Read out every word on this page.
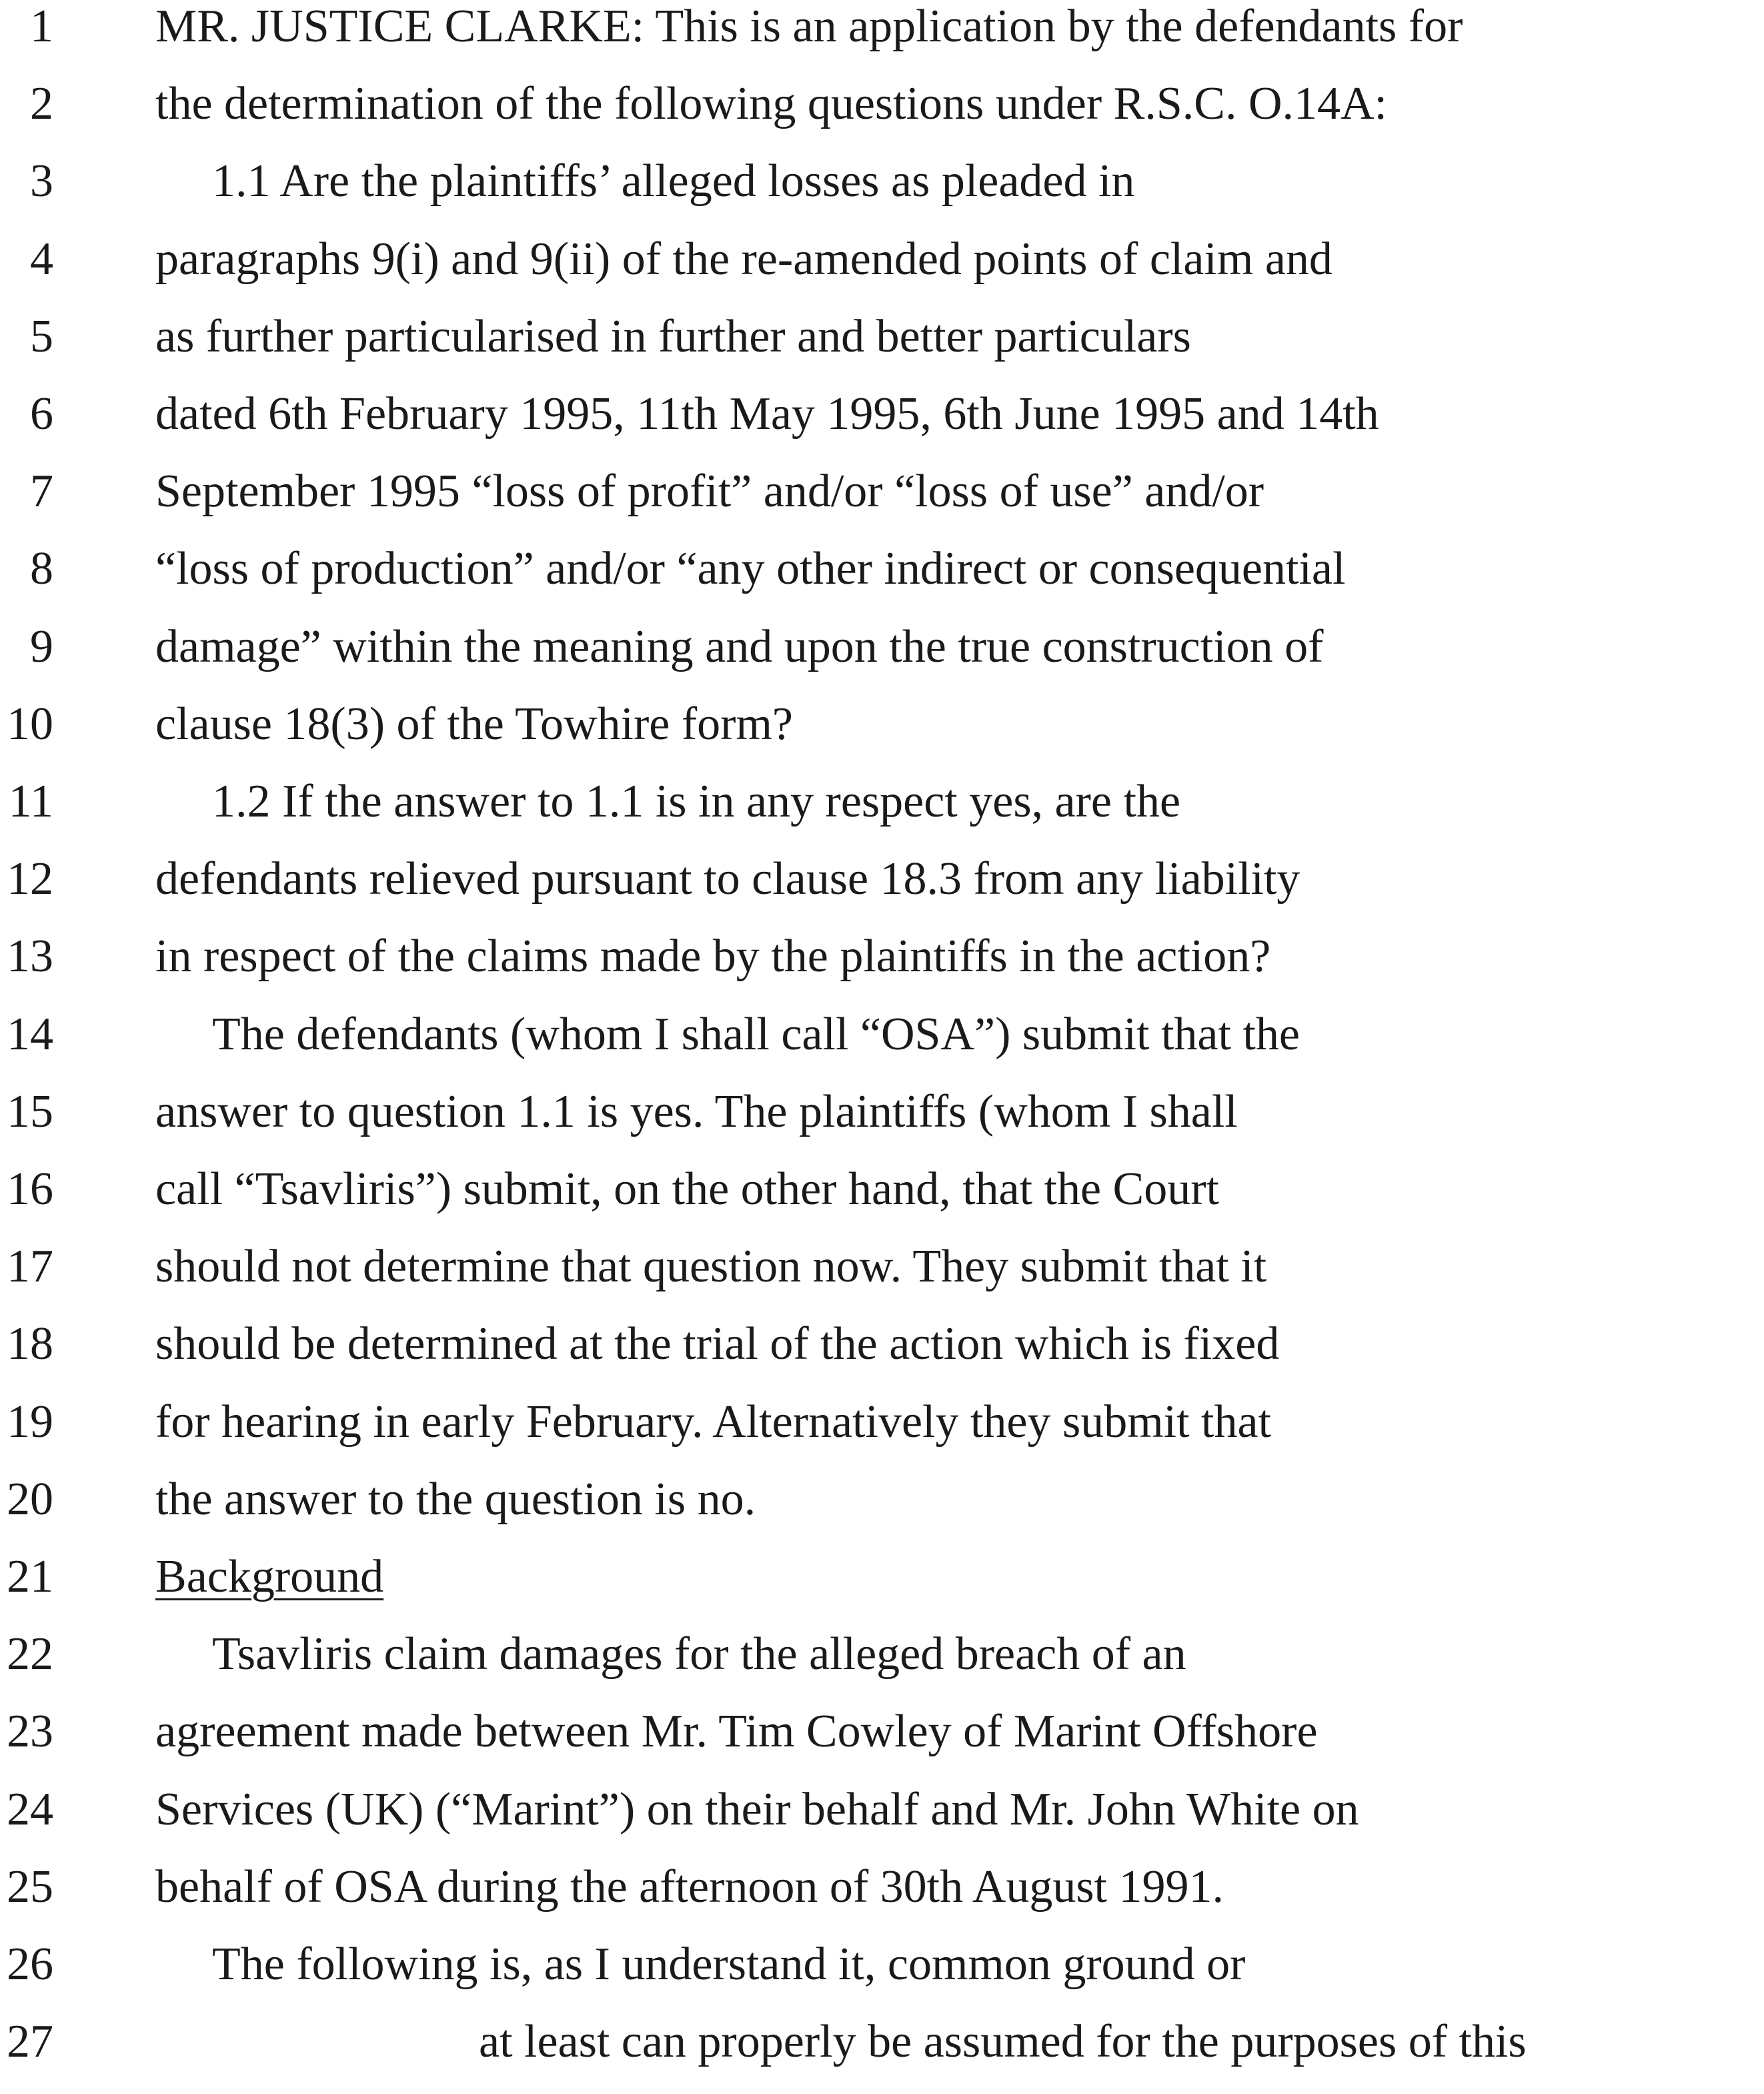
1 MR. JUSTICE CLARKE: This is an application by the defendants for
2 the determination of the following questions under R.S.C. O.14A:
3	1.1 Are the plaintiffs’ alleged losses as pleaded in
4 paragraphs 9(i) and 9(ii) of the re-amended points of claim and
5 as further particularised in further and better particulars
6 dated 6th February 1995, 11th May 1995, 6th June 1995 and 14th
7 September 1995 “loss of profit” and/or “loss of use” and/or
8 “loss of production” and/or “any other indirect or consequential
9 damage” within the meaning and upon the true construction of
10 clause 18(3) of the Towhire form?
11	1.2 If the answer to 1.1 is in any respect yes, are the
12 defendants relieved pursuant to clause 18.3 from any liability
13 in respect of the claims made by the plaintiffs in the action?
14	The defendants (whom I shall call “OSA”) submit that the
15 answer to question 1.1 is yes. The plaintiffs (whom I shall
16 call “Tsavliris”) submit, on the other hand, that the Court
17 should not determine that question now. They submit that it
18 should be determined at the trial of the action which is fixed
19 for hearing in early February. Alternatively they submit that
20 the answer to the question is no.
21 Background
22	Tsavliris claim damages for the alleged breach of an
23 agreement made between Mr. Tim Cowley of Marint Offshore
24 Services (UK) (“Marint”) on their behalf and Mr. John White on
25 behalf of OSA during the afternoon of 30th August 1991.
26	The following is, as I understand it, common ground or
27	at least can properly be assumed for the purposes of this
